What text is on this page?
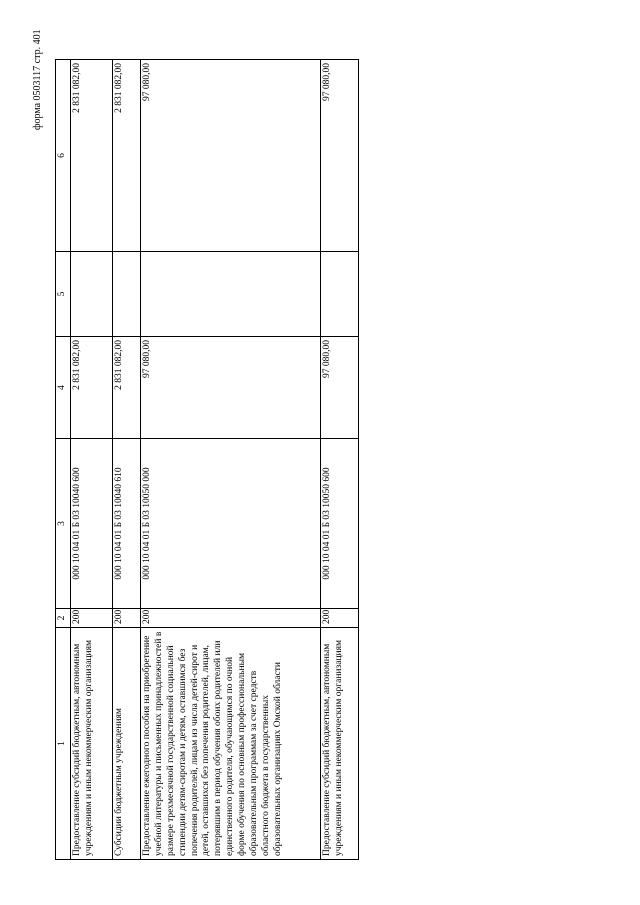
форма 0503117 стр. 401
1	2	3	4	5	6
Предоставление субсидий бюджетным, автономным учреждениям и иным некоммерческим организациям	200	000 10 04 01 Б 03 10040 600	2 831 082,00		2 831 082,00
Субсидии бюджетным учреждениям	200	000 10 04 01 Б 03 10040 610	2 831 082,00		2 831 082,00
Предоставление ежегодного пособия на приобретение учебной литературы и письменных принадлежностей в размере трехмесячной государственной социальной стипендии детям-сиротам и детям, оставшимся без попечения родителей, лицам из числа детей-сирот и детей, оставшихся без попечения родителей, лицам, потерявшим в период обучения обоих родителей или единственного родителя, обучающимся по очной форме обучения по основным профессиональным образовательным программам за счет средств областного бюджета в государственных образовательных организациях Омской области	200	000 10 04 01 Б 03 10050 000	97 080,00		97 080,00
Предоставление субсидий бюджетным, автономным учреждениям и иным некоммерческим организациям	200	000 10 04 01 Б 03 10050 600	97 080,00		97 080,00
